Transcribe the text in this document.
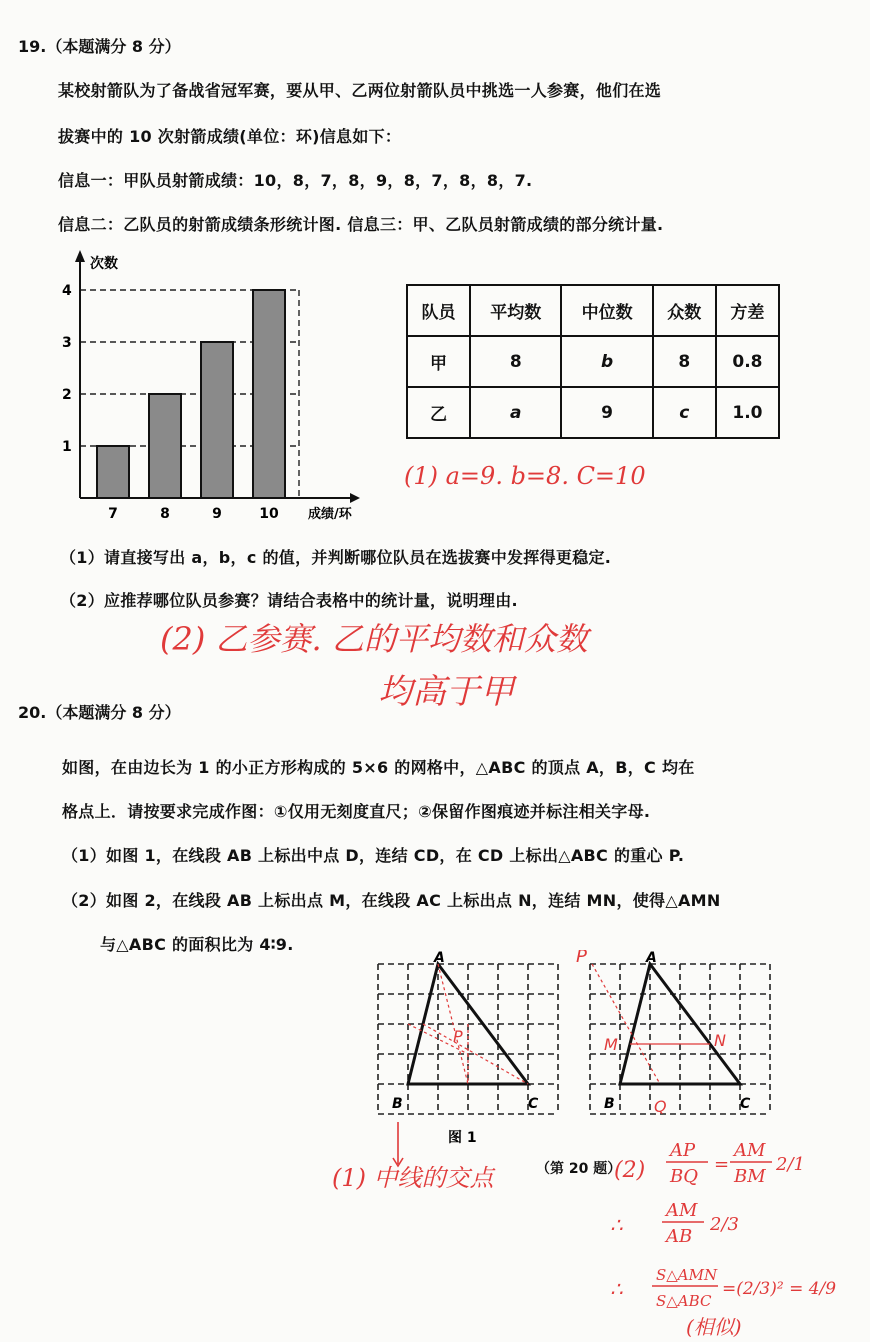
19.（本题满分 8 分）
某校射箭队为了备战省冠军赛，要从甲、乙两位射箭队员中挑选一人参赛，他们在选
拔赛中的 10 次射箭成绩(单位：环)信息如下：
信息一：甲队员射箭成绩：10，8，7，8，9，8，7，8，8，7.
信息二：乙队员的射箭成绩条形统计图. 信息三：甲、乙队员射箭成绩的部分统计量.
次数
成绩/环
1
2
3
4
7	8	9	10
队员	平均数	中位数	众数	方差
甲	8	b	8	0.8
乙	a	9	c	1.0
(1) a=9. b=8. C=10
（1）请直接写出 a，b，c 的值，并判断哪位队员在选拔赛中发挥得更稳定.
（2）应推荐哪位队员参赛？请结合表格中的统计量，说明理由.
(2) 乙参赛. 乙的平均数和众数
均高于甲
20.（本题满分 8 分）
如图，在由边长为 1 的小正方形构成的 5×6 的网格中，△ABC 的顶点 A，B，C 均在
格点上．请按要求完成作图：①仅用无刻度直尺；②保留作图痕迹并标注相关字母.
（1）如图 1，在线段 AB 上标出中点 D，连结 CD，在 CD 上标出△ABC 的重心 P.
（2）如图 2，在线段 AB 上标出点 M，在线段 AC 上标出点 N，连结 MN，使得△AMN
与△ABC 的面积比为 4∶9.
P
A
B	C
图 1
P
M	N
Q
A
B	C
(1) 中线的交点	（第 20 题）
(2)
AP
BQ
=
AM
BM
2/1
∴
AM
AB
2/3
∴
S△AMN
S△ABC
=(2/3)² = 4/9
(相似)
